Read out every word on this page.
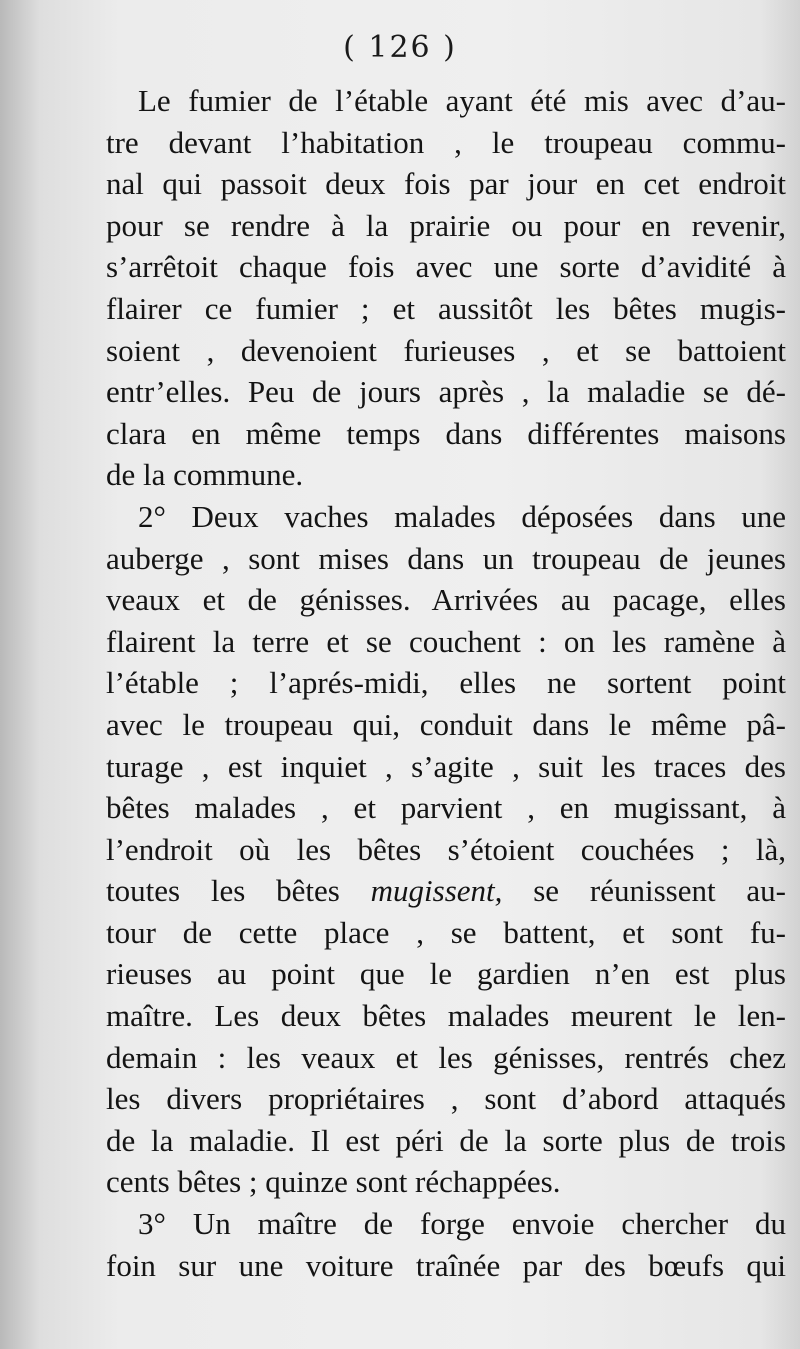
( 126 )
Le fumier de l’étable ayant été mis avec d’au-
tre devant l’habitation , le troupeau commu-
nal qui passoit deux fois par jour en cet endroit
pour se rendre à la prairie ou pour en revenir,
s’arrêtoit chaque fois avec une sorte d’avidité à
flairer ce fumier ; et aussitôt les bêtes mugis-
soient , devenoient furieuses , et se battoient
entr’elles. Peu de jours après , la maladie se dé-
clara en même temps dans différentes maisons
de la commune.
2° Deux vaches malades déposées dans une
auberge , sont mises dans un troupeau de jeunes
veaux et de génisses. Arrivées au pacage, elles
flairent la terre et se couchent : on les ramène à
l’étable ; l’aprés-midi, elles ne sortent point
avec le troupeau qui, conduit dans le même pâ-
turage , est inquiet , s’agite , suit les traces des
bêtes malades , et parvient , en mugissant, à
l’endroit où les bêtes s’étoient couchées ; là,
toutes les bêtes mugissent, se réunissent au-
tour de cette place , se battent, et sont fu-
rieuses au point que le gardien n’en est plus
maître. Les deux bêtes malades meurent le len-
demain : les veaux et les génisses, rentrés chez
les divers propriétaires , sont d’abord attaqués
de la maladie. Il est péri de la sorte plus de trois
cents bêtes ; quinze sont réchappées.
3° Un maître de forge envoie chercher du
foin sur une voiture traînée par des bœufs qui
